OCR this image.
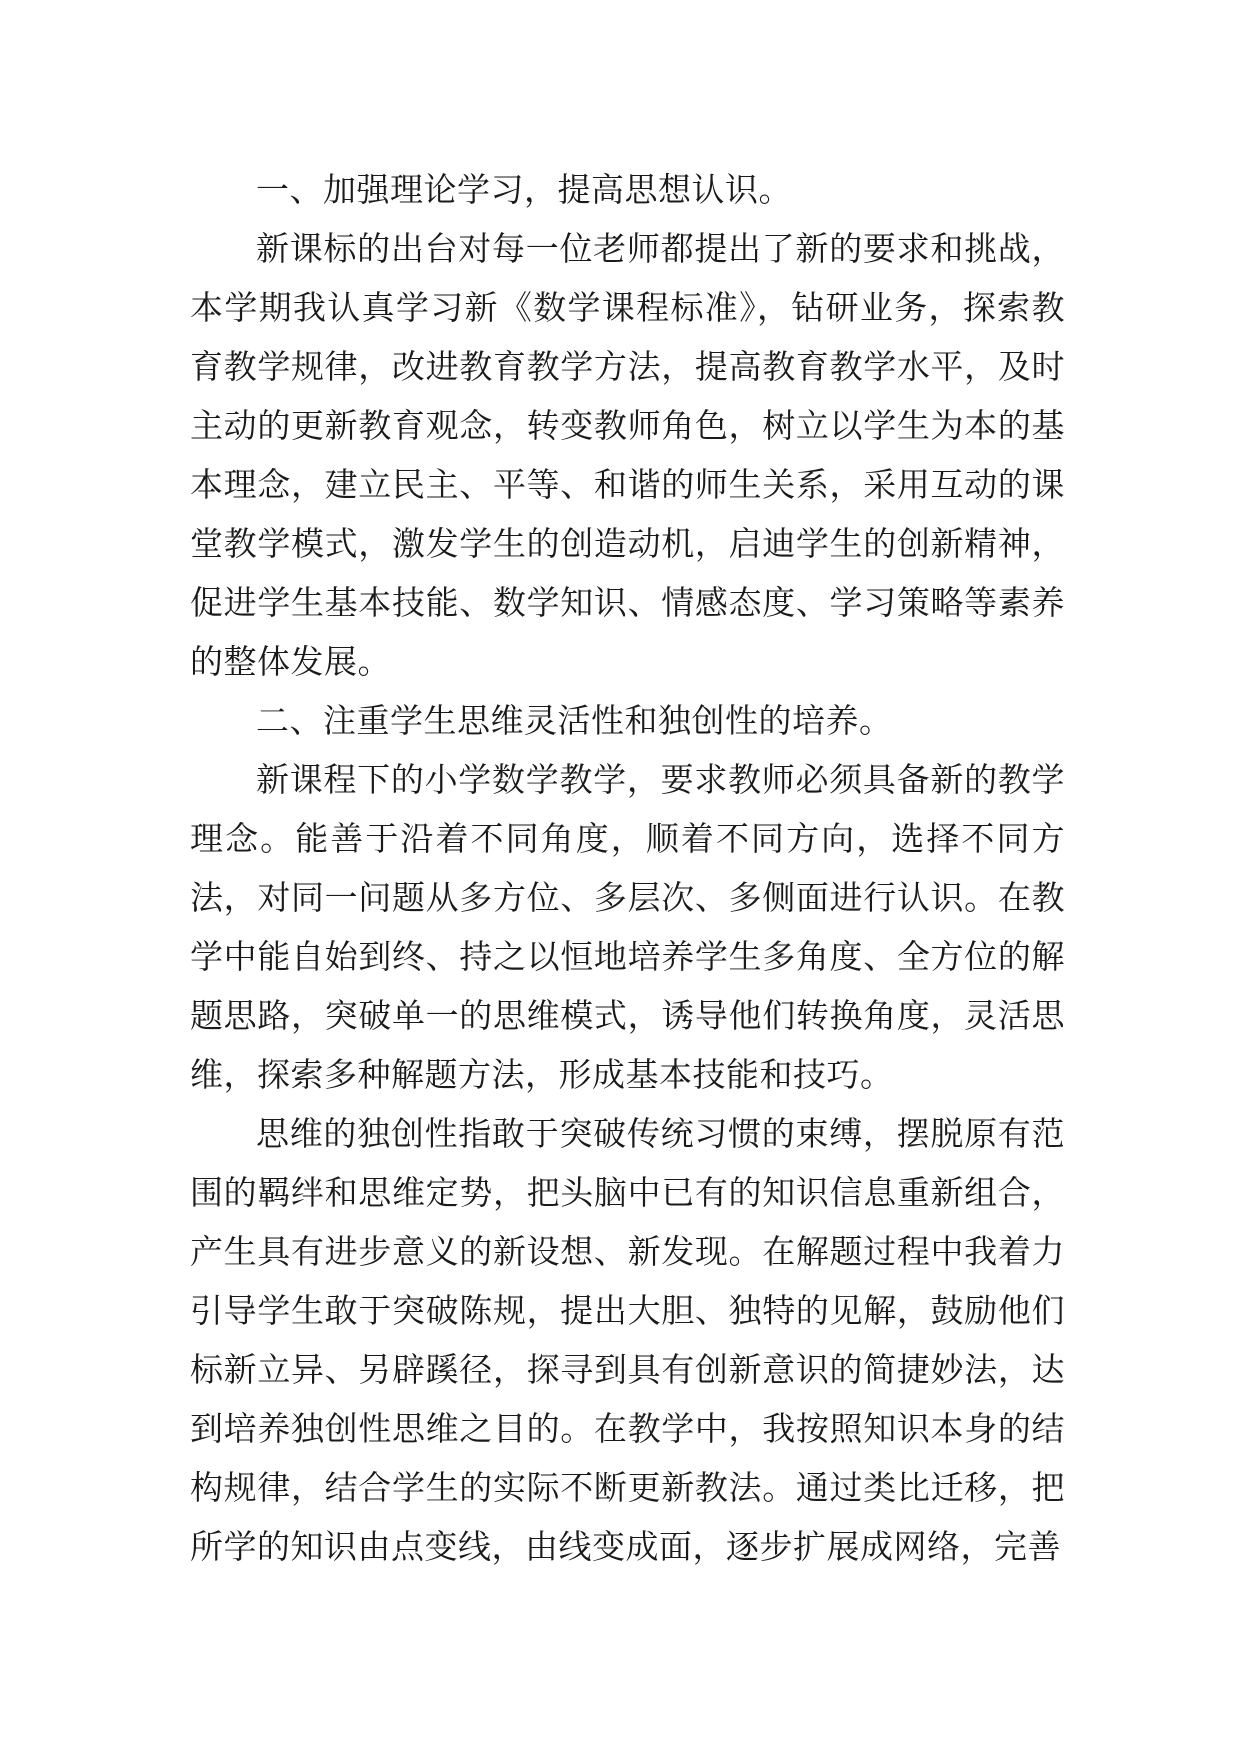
一、加强理论学习，提高思想认识。

新课标的出台对每一位老师都提出了新的要求和挑战，本学期我认真学习新《数学课程标准》，钻研业务，探索教育教学规律，改进教育教学方法，提高教育教学水平，及时主动的更新教育观念，转变教师角色，树立以学生为本的基本理念，建立民主、平等、和谐的师生关系，采用互动的课堂教学模式，激发学生的创造动机，启迪学生的创新精神，促进学生基本技能、数学知识、情感态度、学习策略等素养的整体发展。

二、注重学生思维灵活性和独创性的培养。

新课程下的小学数学教学，要求教师必须具备新的教学理念。能善于沿着不同角度，顺着不同方向，选择不同方法，对同一问题从多方位、多层次、多侧面进行认识。在教学中能自始到终、持之以恒地培养学生多角度、全方位的解题思路，突破单一的思维模式，诱导他们转换角度，灵活思维，探索多种解题方法，形成基本技能和技巧。

思维的独创性指敢于突破传统习惯的束缚，摆脱原有范围的羁绊和思维定势，把头脑中已有的知识信息重新组合，产生具有进步意义的新设想、新发现。在解题过程中我着力引导学生敢于突破陈规，提出大胆、独特的见解，鼓励他们标新立异、另辟蹊径，探寻到具有创新意识的简捷妙法，达到培养独创性思维之目的。在教学中，我按照知识本身的结构规律，结合学生的实际不断更新教法。通过类比迁移，把所学的知识由点变线，由线变成面，逐步扩展成网络，完善
